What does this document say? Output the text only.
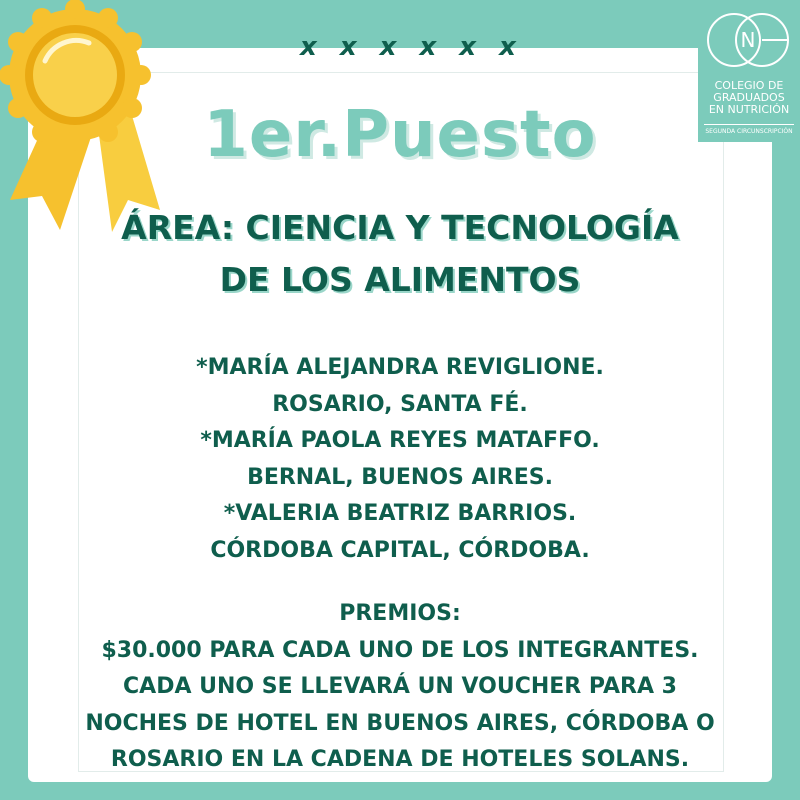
x x x x x x	N
COLEGIO DE
GRADUADOS
EN NUTRICIÓN
SEGUNDA CIRCUNSCRIPCIÓN
1er.Puesto
ÁREA: CIENCIA Y TECNOLOGÍA
DE LOS ALIMENTOS
*MARÍA ALEJANDRA REVIGLIONE.
ROSARIO, SANTA FÉ.
*MARÍA PAOLA REYES MATAFFO.
BERNAL, BUENOS AIRES.
*VALERIA BEATRIZ BARRIOS.
CÓRDOBA CAPITAL, CÓRDOBA.
PREMIOS:
$30.000 PARA CADA UNO DE LOS INTEGRANTES.
CADA UNO SE LLEVARÁ UN VOUCHER PARA 3
NOCHES DE HOTEL EN BUENOS AIRES, CÓRDOBA O
ROSARIO EN LA CADENA DE HOTELES SOLANS.
